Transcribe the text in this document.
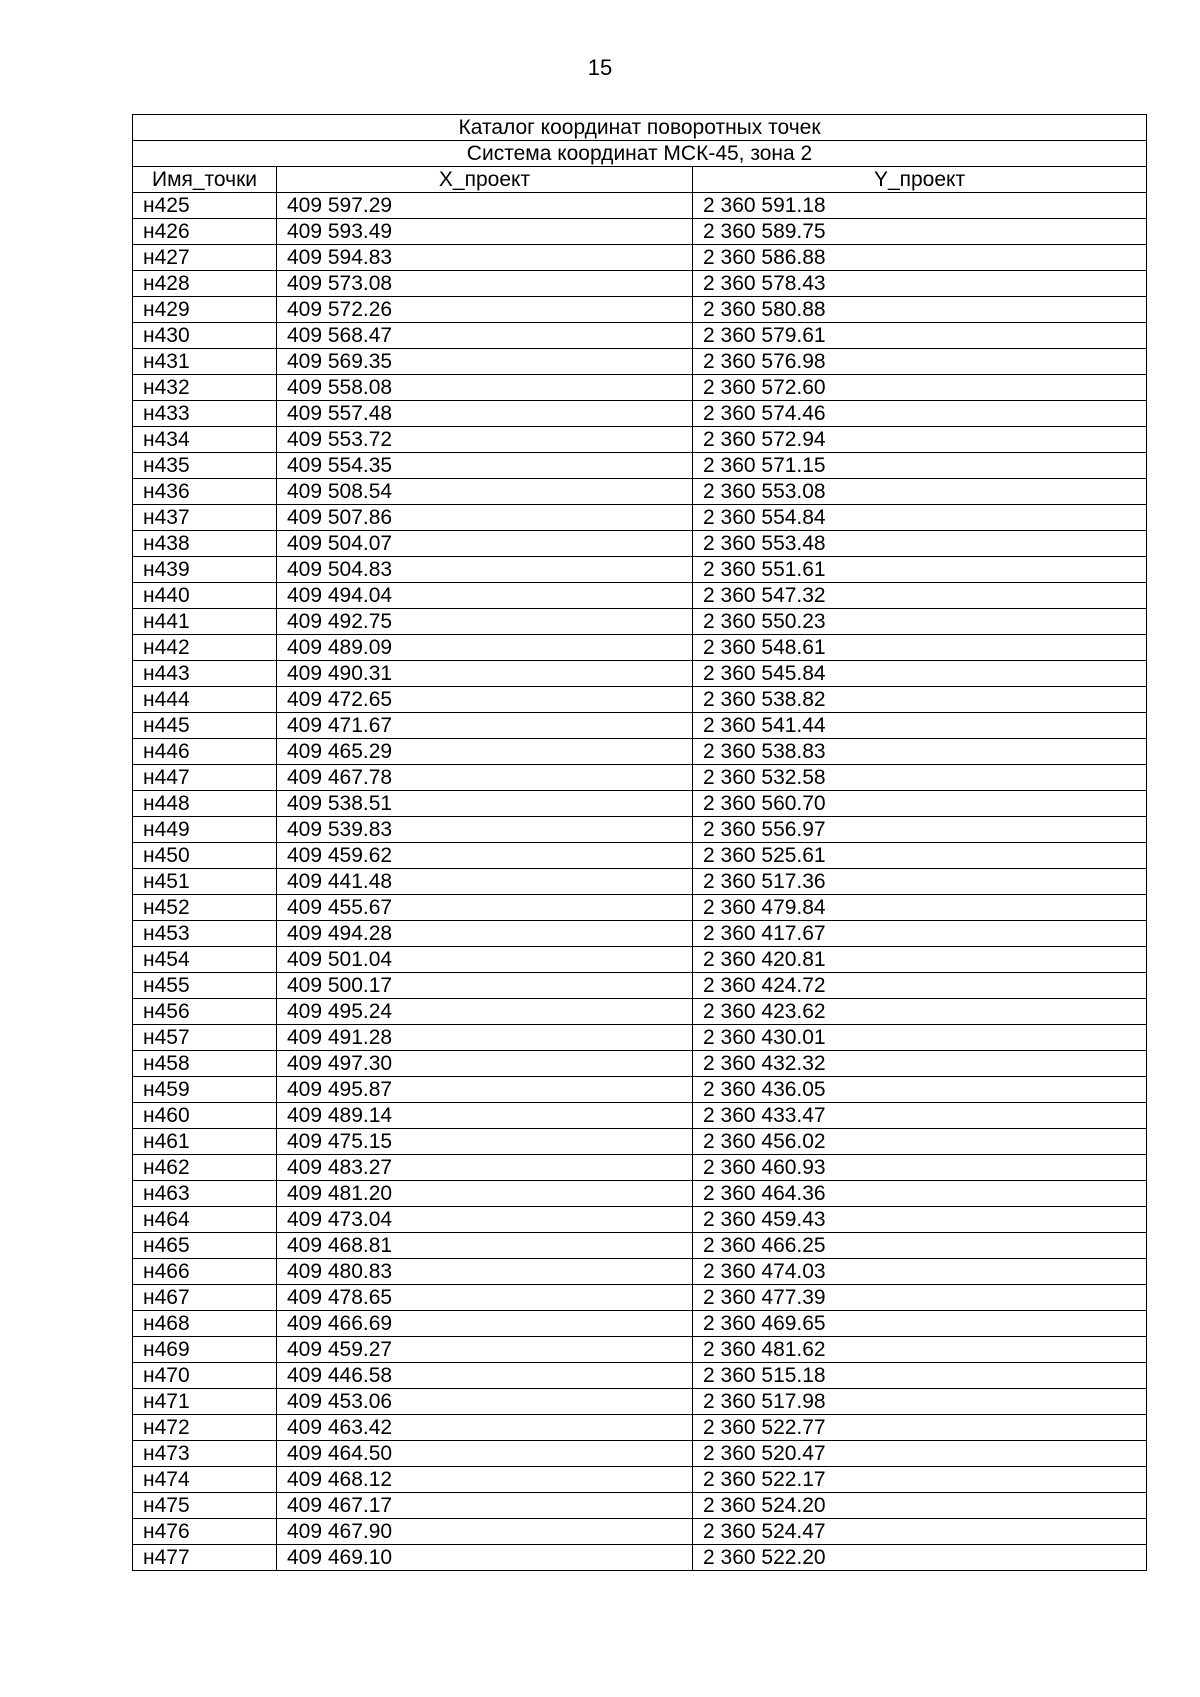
15
Каталог координат поворотных точек		
Система координат МСК-45, зона 2		
Имя_точки	X_проект	Y_проект
н425	409 597.29	2 360 591.18
н426	409 593.49	2 360 589.75
н427	409 594.83	2 360 586.88
н428	409 573.08	2 360 578.43
н429	409 572.26	2 360 580.88
н430	409 568.47	2 360 579.61
н431	409 569.35	2 360 576.98
н432	409 558.08	2 360 572.60
н433	409 557.48	2 360 574.46
н434	409 553.72	2 360 572.94
н435	409 554.35	2 360 571.15
н436	409 508.54	2 360 553.08
н437	409 507.86	2 360 554.84
н438	409 504.07	2 360 553.48
н439	409 504.83	2 360 551.61
н440	409 494.04	2 360 547.32
н441	409 492.75	2 360 550.23
н442	409 489.09	2 360 548.61
н443	409 490.31	2 360 545.84
н444	409 472.65	2 360 538.82
н445	409 471.67	2 360 541.44
н446	409 465.29	2 360 538.83
н447	409 467.78	2 360 532.58
н448	409 538.51	2 360 560.70
н449	409 539.83	2 360 556.97
н450	409 459.62	2 360 525.61
н451	409 441.48	2 360 517.36
н452	409 455.67	2 360 479.84
н453	409 494.28	2 360 417.67
н454	409 501.04	2 360 420.81
н455	409 500.17	2 360 424.72
н456	409 495.24	2 360 423.62
н457	409 491.28	2 360 430.01
н458	409 497.30	2 360 432.32
н459	409 495.87	2 360 436.05
н460	409 489.14	2 360 433.47
н461	409 475.15	2 360 456.02
н462	409 483.27	2 360 460.93
н463	409 481.20	2 360 464.36
н464	409 473.04	2 360 459.43
н465	409 468.81	2 360 466.25
н466	409 480.83	2 360 474.03
н467	409 478.65	2 360 477.39
н468	409 466.69	2 360 469.65
н469	409 459.27	2 360 481.62
н470	409 446.58	2 360 515.18
н471	409 453.06	2 360 517.98
н472	409 463.42	2 360 522.77
н473	409 464.50	2 360 520.47
н474	409 468.12	2 360 522.17
н475	409 467.17	2 360 524.20
н476	409 467.90	2 360 524.47
н477	409 469.10	2 360 522.20
